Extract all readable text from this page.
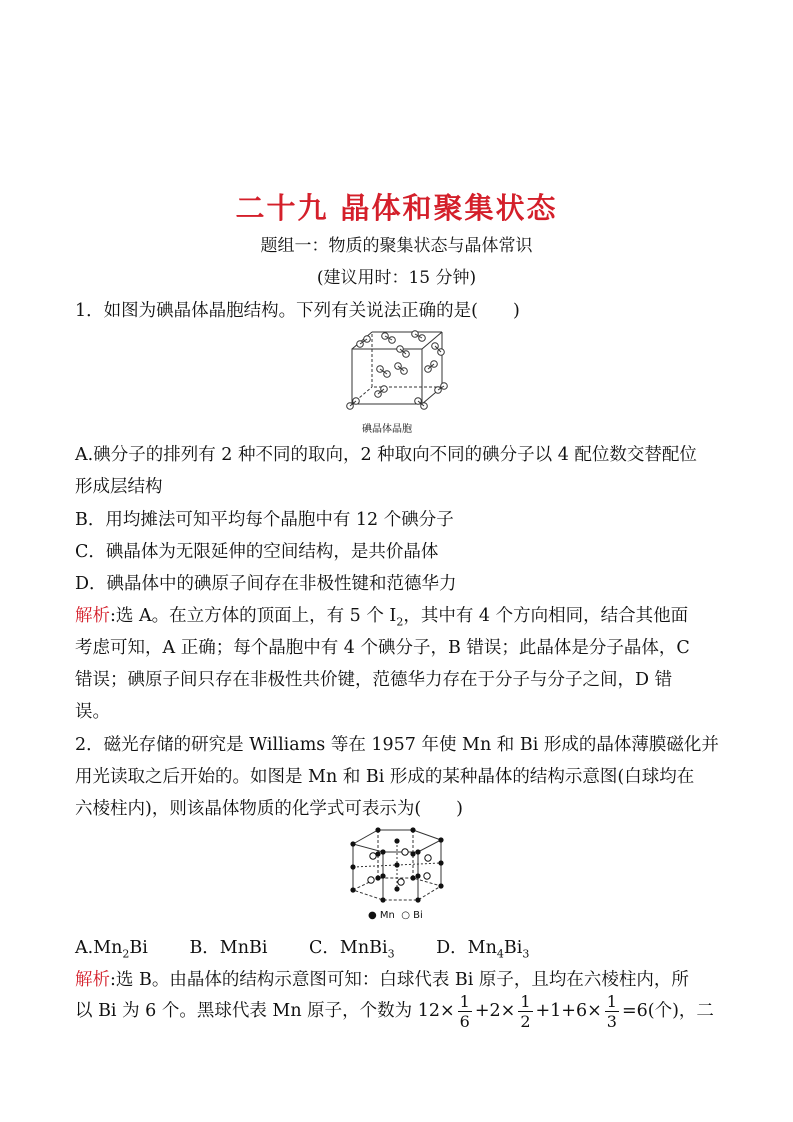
二十九 晶体和聚集状态
题组一：物质的聚集状态与晶体常识
(建议用时：15 分钟)
1．如图为碘晶体晶胞结构。下列有关说法正确的是(　　)
碘晶体晶胞
A.碘分子的排列有 2 种不同的取向，2 种取向不同的碘分子以 4 配位数交替配位
形成层结构
B．用均摊法可知平均每个晶胞中有 12 个碘分子
C．碘晶体为无限延伸的空间结构，是共价晶体
D．碘晶体中的碘原子间存在非极性键和范德华力
解析:选 A。在立方体的顶面上，有 5 个 $I_2$，其中有 4 个方向相同，结合其他面
考虑可知，A 正确；每个晶胞中有 4 个碘分子，B 错误；此晶体是分子晶体，C
错误；碘原子间只存在非极性共价键，范德华力存在于分子与分子之间，D 错
误。
2．磁光存储的研究是 Williams 等在 1957 年使 Mn 和 Bi 形成的晶体薄膜磁化并
用光读取之后开始的。如图是 Mn 和 Bi 形成的某种晶体的结构示意图(白球均在
六棱柱内)，则该晶体物质的化学式可表示为(　　)
● Mn ○ Bi
$A.Mn_2Bi$ B．MnBi C．MnBi$_3$ D．$Mn_4Bi_3$
解析:选 B。由晶体的结构示意图可知：白球代表 Bi 原子，且均在六棱柱内，所
以 Bi 为 6 个。黑球代表 Mn 原子，个数为 $12\times \frac{1}{6} +2\times \frac{1}{2} +1+6\times \frac{1}{3} =6$(个)，二
